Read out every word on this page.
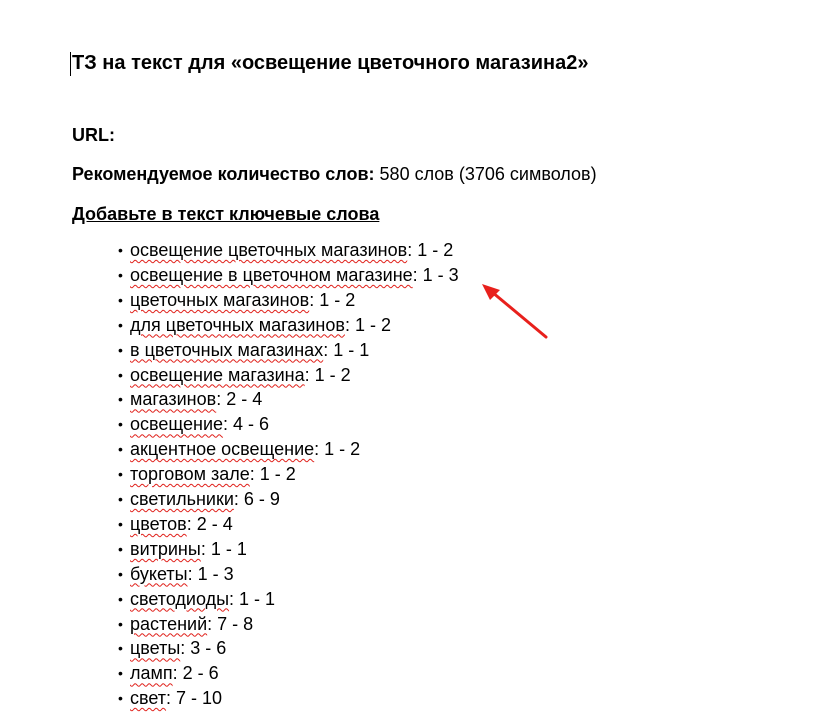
ТЗ на текст для «освещение цветочного магазина2»
URL:
Рекомендуемое количество слов: 580 слов (3706 символов)
Добавьте в текст ключевые слова
• освещение цветочных магазинов: 1 - 2
• освещение в цветочном магазине: 1 - 3
• цветочных магазинов: 1 - 2
• для цветочных магазинов: 1 - 2
• в цветочных магазинах: 1 - 1
• освещение магазина: 1 - 2
• магазинов: 2 - 4
• освещение: 4 - 6
• акцентное освещение: 1 - 2
• торговом зале: 1 - 2
• светильники: 6 - 9
• цветов: 2 - 4
• витрины: 1 - 1
• букеты: 1 - 3
• светодиоды: 1 - 1
• растений: 7 - 8
• цветы: 3 - 6
• ламп: 2 - 6
• свет: 7 - 10
